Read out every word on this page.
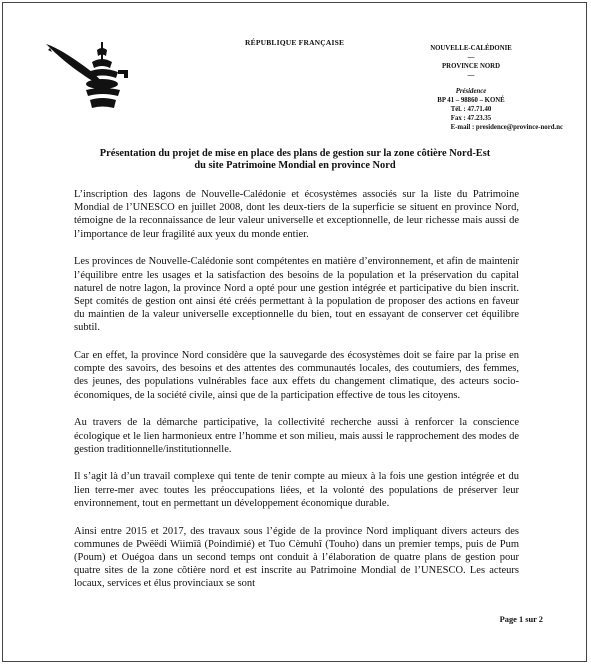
RÉPUBLIQUE FRANÇAISE
NOUVELLE-CALÉDONIE
—
PROVINCE NORD
—
Présidence
BP 41 – 98860 – KONÉ
Tél. : 47.71.40
Fax : 47.23.35
E-mail : presidence@province-nord.nc
Présentation du projet de mise en place des plans de gestion sur la zone côtière Nord-Est
du site Patrimoine Mondial en province Nord

L’inscription des lagons de Nouvelle-Calédonie et écosystèmes associés sur la liste du Patrimoine Mondial de l’UNESCO en juillet 2008, dont les deux-tiers de la superficie se situent en province Nord, témoigne de la reconnaissance de leur valeur universelle et exceptionnelle, de leur richesse mais aussi de l’importance de leur fragilité aux yeux du monde entier.

Les provinces de Nouvelle-Calédonie sont compétentes en matière d’environnement, et afin de maintenir l’équilibre entre les usages et la satisfaction des besoins de la population et la préservation du capital naturel de notre lagon, la province Nord a opté pour une gestion intégrée et participative du bien inscrit. Sept comités de gestion ont ainsi été créés permettant à la population de proposer des actions en faveur du maintien de la valeur universelle exceptionnelle du bien, tout en essayant de conserver cet équilibre subtil.

Car en effet, la province Nord considère que la sauvegarde des écosystèmes doit se faire par la prise en compte des savoirs, des besoins et des attentes des communautés locales, des coutumiers, des femmes, des jeunes, des populations vulnérables face aux effets du changement climatique, des acteurs socio-économiques, de la société civile, ainsi que de la participation effective de tous les citoyens.

Au travers de la démarche participative, la collectivité recherche aussi à renforcer la conscience écologique et le lien harmonieux entre l’homme et son milieu, mais aussi le rapprochement des modes de gestion traditionnelle/institutionnelle.

Il s’agit là d’un travail complexe qui tente de tenir compte au mieux à la fois une gestion intégrée et du lien terre-mer avec toutes les préoccupations liées, et la volonté des populations de préserver leur environnement, tout en permettant un développement économique durable.

Ainsi entre 2015 et 2017, des travaux sous l’égide de la province Nord impliquant divers acteurs des communes de Pwëëdi Wiimïâ (Poindimié) et Tuo Cèmuhî (Touho) dans un premier temps, puis de Pum (Poum) et Ouégoa dans un second temps ont conduit à l’élaboration de quatre plans de gestion pour quatre sites de la zone côtière nord et est inscrite au Patrimoine Mondial de l’UNESCO. Les acteurs locaux, services et élus provinciaux se sont

Page 1 sur 2
